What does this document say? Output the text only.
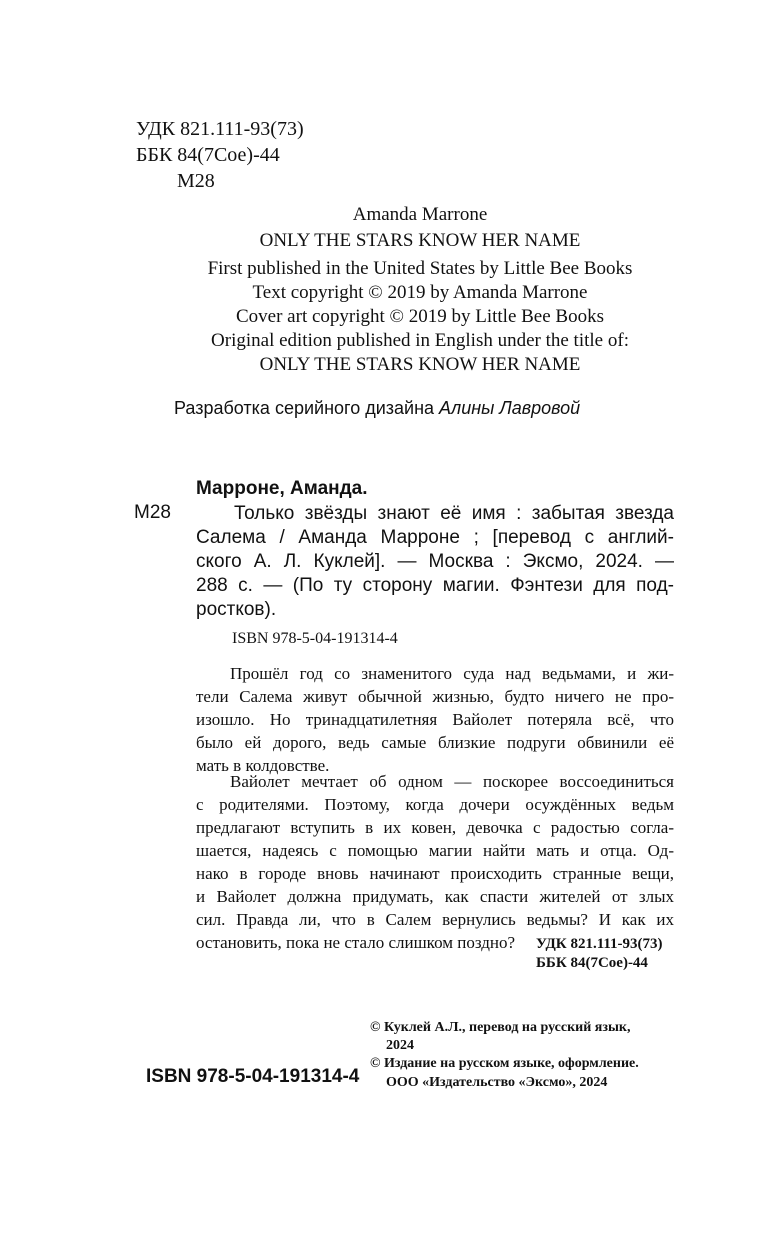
УДК 821.111-93(73)
ББК 84(7Сое)-44
М28
Amanda Marrone
ONLY THE STARS KNOW HER NAME
First published in the United States by Little Bee Books
Text copyright © 2019 by Amanda Marrone
Cover art copyright © 2019 by Little Bee Books
Original edition published in English under the title of:
ONLY THE STARS KNOW HER NAME
Разработка серийного дизайна Алины Лавровой
Марроне, Аманда.
М28	Только звёзды знают её имя : забытая звезда
Салема / Аманда Марроне ; [перевод с англий-
ского А. Л. Куклей]. — Москва : Эксмо, 2024. —
288 с. — (По ту сторону магии. Фэнтези для под-
ростков).
ISBN 978-5-04-191314-4
Прошёл год со знаменитого суда над ведьмами, и жи-
тели Салема живут обычной жизнью, будто ничего не про-
изошло. Но тринадцатилетняя Вайолет потеряла всё, что
было ей дорого, ведь самые близкие подруги обвинили её
мать в колдовстве.
Вайолет мечтает об одном — поскорее воссоединиться
с родителями. Поэтому, когда дочери осуждённых ведьм
предлагают вступить в их ковен, девочка с радостью согла-
шается, надеясь с помощью магии найти мать и отца. Од-
нако в городе вновь начинают происходить странные вещи,
и Вайолет должна придумать, как спасти жителей от злых
сил. Правда ли, что в Салем вернулись ведьмы? И как их
остановить, пока не стало слишком поздно?	УДК 821.111-93(73)
ББК 84(7Сое)-44
© Куклей А.Л., перевод на русский язык,
2024
© Издание на русском языке, оформление.
ООО «Издательство «Эксмо», 2024
ISBN 978-5-04-191314-4
